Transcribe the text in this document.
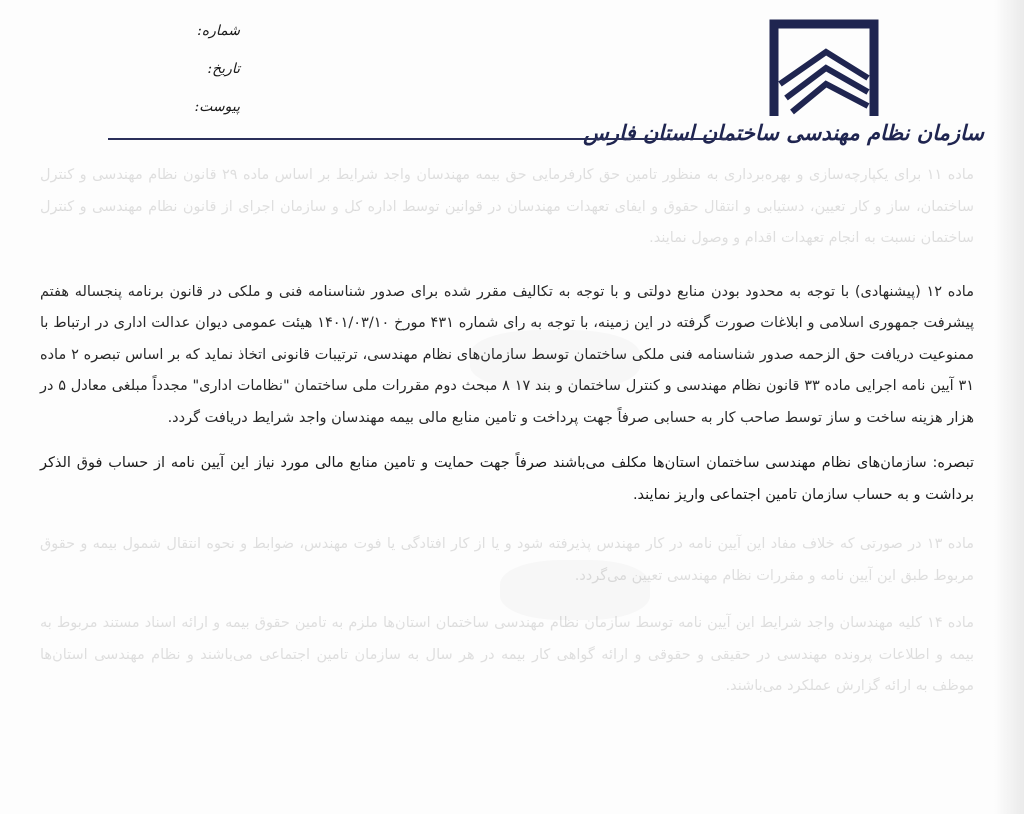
شماره:
تاریخ:
پیوست:
سازمان نظام مهندسی ساختمان استان فارس

ماده ۱۱ برای یکپارچه‌سازی و بهره‌برداری به منظور تامین حق کارفرمایی حق بیمه مهندسان واجد شرایط بر اساس ماده ۲۹ قانون نظام مهندسی و کنترل ساختمان، ساز و کار تعیین، دستیابی و انتقال حقوق و ایفای تعهدات مهندسان در قوانین توسط اداره کل و سازمان اجرای از قانون نظام مهندسی و کنترل ساختمان نسبت به انجام تعهدات اقدام و وصول نمایند.

ماده ۱۲ (پیشنهادی) با توجه به محدود بودن منابع دولتی و با توجه به تکالیف مقرر شده برای صدور شناسنامه فنی و ملکی در قانون برنامه پنجساله هفتم پیشرفت جمهوری اسلامی و ابلاغات صورت گرفته در این زمینه، با توجه به رای شماره ۴۳۱ مورخ ۱۴۰۱/۰۳/۱۰ هیئت عمومی دیوان عدالت اداری در ارتباط با ممنوعیت دریافت حق الزحمه صدور شناسنامه فنی ملکی ساختمان توسط سازمان‌های نظام مهندسی، ترتیبات قانونی اتخاذ نماید که بر اساس تبصره ۲ ماده ۳۱ آیین نامه اجرایی ماده ۳۳ قانون نظام مهندسی و کنترل ساختمان و بند ۱۷ ۸ مبحث دوم مقررات ملی ساختمان "نظامات اداری" مجدداً مبلغی معادل ۵ در هزار هزینه ساخت و ساز توسط صاحب کار به حسابی صرفاً جهت پرداخت و تامین منابع مالی بیمه مهندسان واجد شرایط دریافت گردد.

تبصره: سازمان‌های نظام مهندسی ساختمان استان‌ها مکلف می‌باشند صرفاً جهت حمایت و تامین منابع مالی مورد نیاز این آیین نامه از حساب فوق الذکر برداشت و به حساب سازمان تامین اجتماعی واریز نمایند.

ماده ۱۳ در صورتی که خلاف مفاد این آیین نامه در کار مهندس پذیرفته شود و یا از کار افتادگی یا فوت مهندس، ضوابط و نحوه انتقال شمول بیمه و حقوق مربوط طبق این آیین نامه و مقررات نظام مهندسی تعیین می‌گردد.

ماده ۱۴ کلیه مهندسان واجد شرایط این آیین نامه توسط سازمان نظام مهندسی ساختمان استان‌ها ملزم به تامین حقوق بیمه و ارائه اسناد مستند مربوط به بیمه و اطلاعات پرونده مهندسی در حقیقی و حقوقی و ارائه گواهی کار بیمه در هر سال به سازمان تامین اجتماعی می‌باشند و نظام مهندسی استان‌ها موظف به ارائه گزارش عملکرد می‌باشند.
